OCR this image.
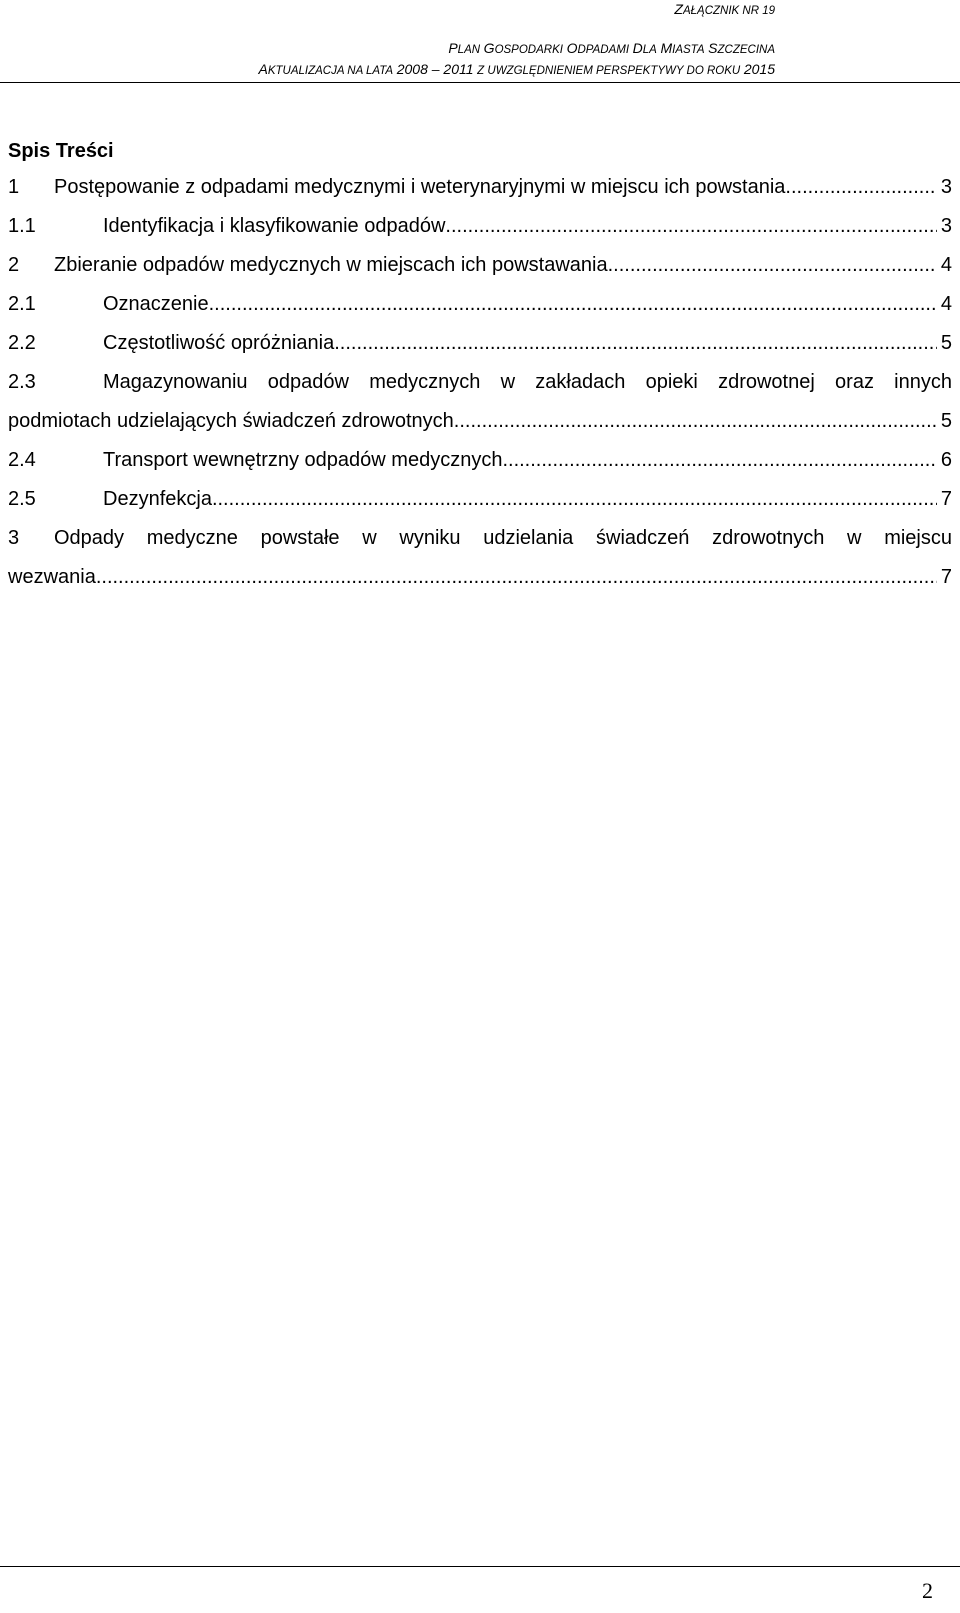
ZAŁĄCZNIK NR 19
PLAN GOSPODARKI ODPADAMI DLA MIASTA SZCZECINA
AKTUALIZACJA NA LATA 2008 – 2011 Z UWZGLĘDNIENIEM PERSPEKTYWY DO ROKU 2015
Spis Treści
1 Postępowanie z odpadami medycznymi i weterynaryjnymi w miejscu ich powstania .....	3
1.1	Identyfikacja i klasyfikowanie odpadów .....	3
2 Zbieranie odpadów medycznych w miejscach ich powstawania .....	4
2.1	Oznaczenie .....	4
2.2	Częstotliwość opróżniania .....	5
2.3	Magazynowaniu odpadów medycznych w zakładach opieki zdrowotnej oraz innych
podmiotach udzielających świadczeń zdrowotnych .....	5
2.4	Transport wewnętrzny odpadów medycznych .....	6
2.5	Dezynfekcja .....	7
3	Odpady medyczne powstałe w wyniku udzielania świadczeń zdrowotnych w miejscu
wezwania .....	7
2
